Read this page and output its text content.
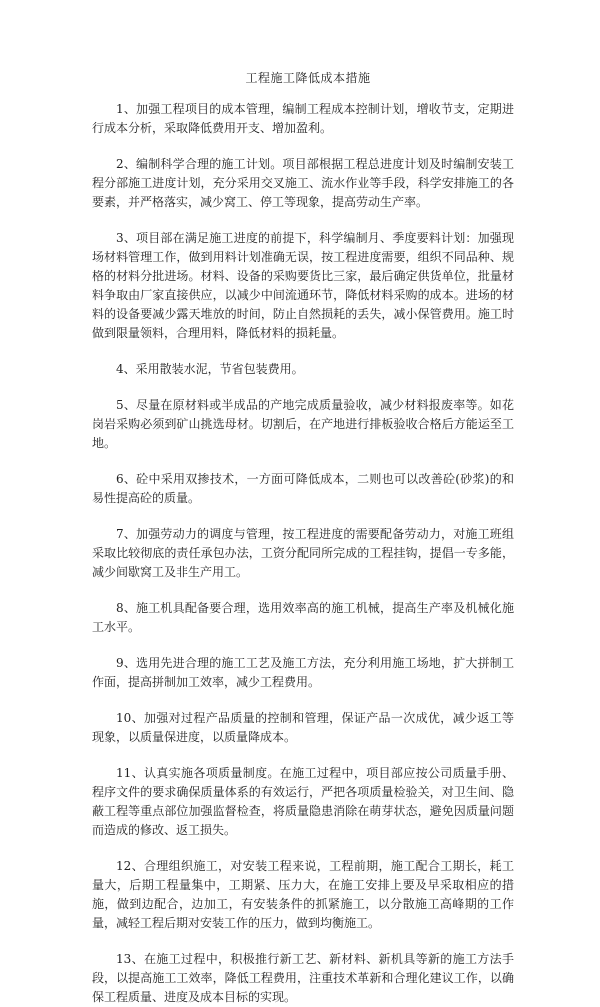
工程施工降低成本措施

1、加强工程项目的成本管理，编制工程成本控制计划，增收节支，定期进行成本分析，采取降低费用开支、增加盈利。

2、编制科学合理的施工计划。项目部根据工程总进度计划及时编制安装工程分部施工进度计划，充分采用交叉施工、流水作业等手段，科学安排施工的各要素，并严格落实，减少窝工、停工等现象，提高劳动生产率。

3、项目部在满足施工进度的前提下，科学编制月、季度要料计划：加强现场材料管理工作，做到用料计划准确无误，按工程进度需要，组织不同品种、规格的材料分批进场。材料、设备的采购要货比三家，最后确定供货单位，批量材料争取由厂家直接供应，以减少中间流通环节，降低材料采购的成本。进场的材料的设备要减少露天堆放的时间，防止自然损耗的丢失，减小保管费用。施工时做到限量领料，合理用料，降低材料的损耗量。

4、采用散装水泥，节省包装费用。

5、尽量在原材料或半成品的产地完成质量验收，减少材料报废率等。如花岗岩采购必须到矿山挑选母材。切割后，在产地进行排板验收合格后方能运至工地。

6、砼中采用双掺技术，一方面可降低成本，二则也可以改善砼(砂浆)的和易性提高砼的质量。

7、加强劳动力的调度与管理，按工程进度的需要配备劳动力，对施工班组采取比较彻底的责任承包办法，工资分配同所完成的工程挂钩，提倡一专多能，减少间歇窝工及非生产用工。

8、施工机具配备要合理，选用效率高的施工机械，提高生产率及机械化施工水平。

9、选用先进合理的施工工艺及施工方法，充分利用施工场地，扩大拼制工作面，提高拼制加工效率，减少工程费用。

10、加强对过程产品质量的控制和管理，保证产品一次成优，减少返工等现象，以质量保进度，以质量降成本。

11、认真实施各项质量制度。在施工过程中，项目部应按公司质量手册、程序文件的要求确保质量体系的有效运行，严把各项质量检验关，对卫生间、隐蔽工程等重点部位加强监督检查，将质量隐患消除在萌芽状态，避免因质量问题而造成的修改、返工损失。

12、合理组织施工，对安装工程来说，工程前期，施工配合工期长，耗工量大，后期工程量集中，工期紧、压力大，在施工安排上要及早采取相应的措施，做到边配合，边加工，有安装条件的抓紧施工，以分散施工高峰期的工作量，减轻工程后期对安装工作的压力，做到均衡施工。

13、在施工过程中，积极推行新工艺、新材料、新机具等新的施工方法手段，以提高施工工效率，降低工程费用，注重技术革新和合理化建议工作，以确保工程质量、进度及成本目标的实现。
